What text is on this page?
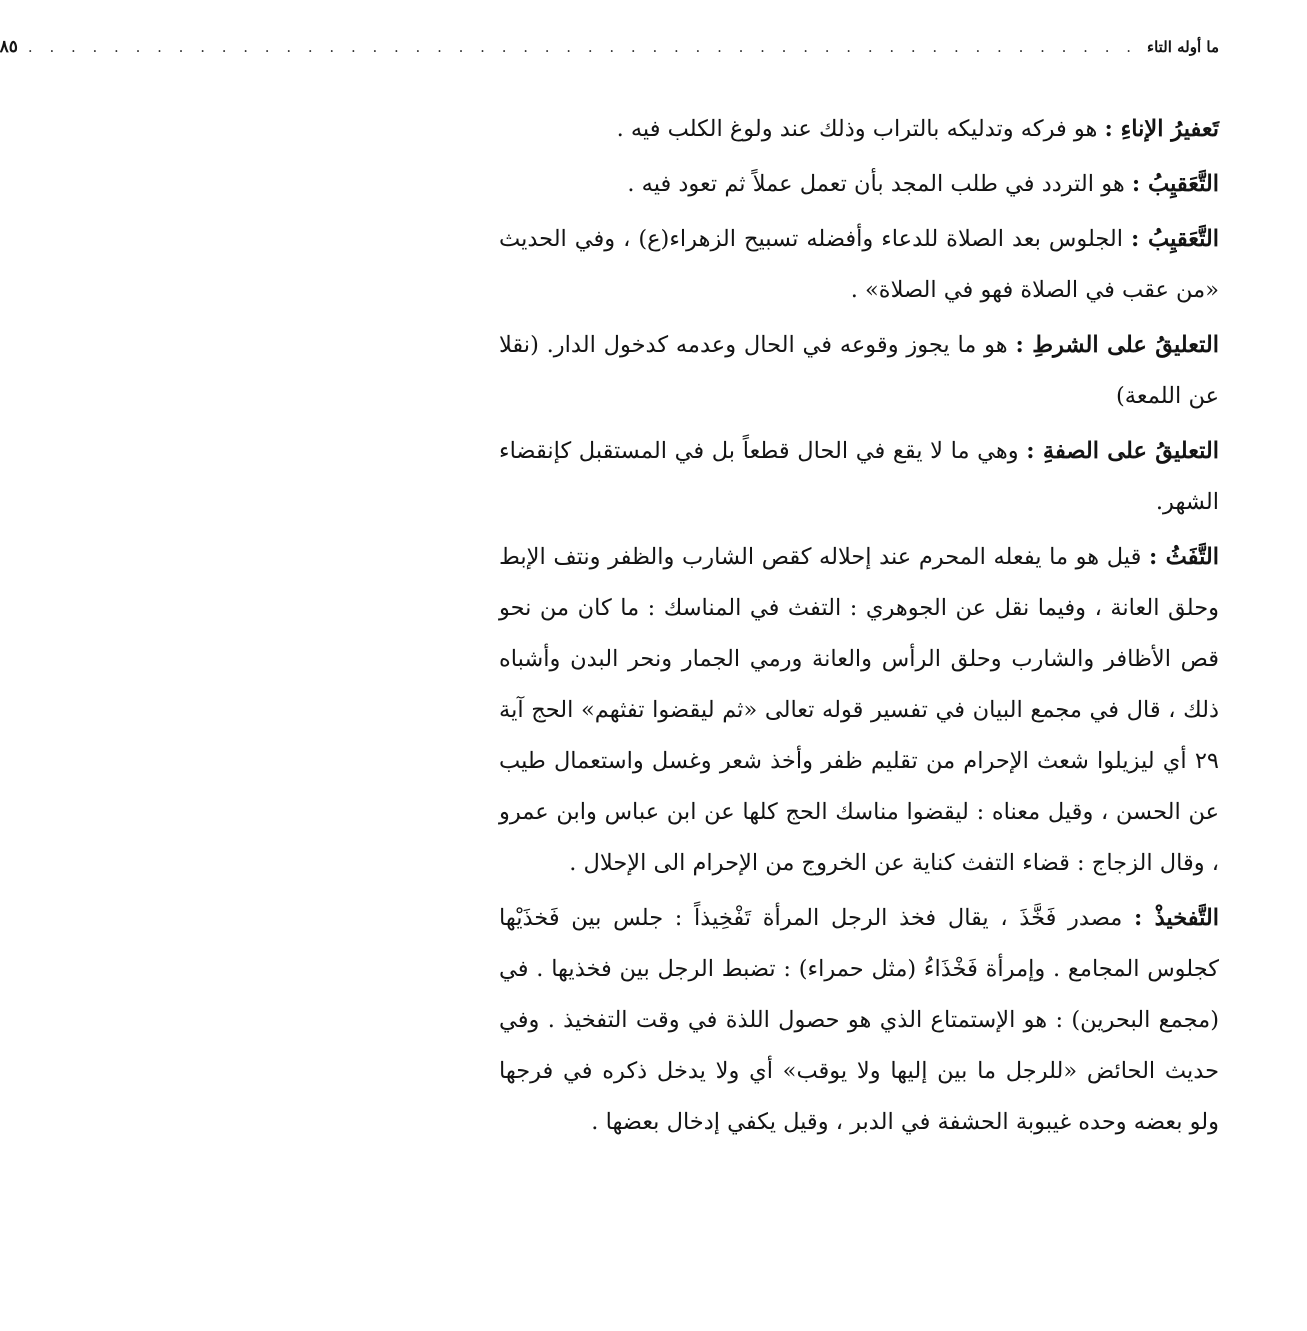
ما أوله التاء
. . . . . . . . . . . . . . . . . . . . . . . . . . . . . . . . . . . . . . . . . . . . . . . . . . . .
٨٥

تَعفيرُ الإناءِ : هو فركه وتدليكه بالتراب وذلك عند ولوغ الكلب فيه .

التَّعَقيِبُ : هو التردد في طلب المجد بأن تعمل عملاً ثم تعود فيه .

التَّعَقيِبُ : الجلوس بعد الصلاة للدعاء وأفضله تسبيح الزهراء(ع) ، وفي الحديث «من عقب في الصلاة فهو في الصلاة» .

التعليقُ على الشرطِ : هو ما يجوز وقوعه في الحال وعدمه كدخول الدار. (نقلا عن اللمعة)

التعليقُ على الصفةِ : وهي ما لا يقع في الحال قطعاً بل في المستقبل كإنقضاء الشهر.

التَّفَثُ : قيل هو ما يفعله المحرم عند إحلاله كقص الشارب والظفر ونتف الإبط وحلق العانة ، وفيما نقل عن الجوهري : التفث في المناسك : ما كان من نحو قص الأظافر والشارب وحلق الرأس والعانة ورمي الجمار ونحر البدن وأشباه ذلك ، قال في مجمع البيان في تفسير قوله تعالى «ثم ليقضوا تفثهم» الحج آية ٢٩ أي ليزيلوا شعث الإحرام من تقليم ظفر وأخذ شعر وغسل واستعمال طيب عن الحسن ، وقيل معناه : ليقضوا مناسك الحج كلها عن ابن عباس وابن عمرو ، وقال الزجاج : قضاء التفث كناية عن الخروج من الإحرام الى الإحلال .

التَّفخيذْ : مصدر فَخَّذَ ، يقال فخذ الرجل المرأة تَفْخِيذاً : جلس بين فَخذَيْها كجلوس المجامع . وإمرأة فَخْذَاءُ (مثل حمراء) : تضبط الرجل بين فخذيها . في (مجمع البحرين) : هو الإستمتاع الذي هو حصول اللذة في وقت التفخيذ . وفي حديث الحائض «للرجل ما بين إليها ولا يوقب» أي ولا يدخل ذكره في فرجها ولو بعضه وحده غيبوبة الحشفة في الدبر ، وقيل يكفي إدخال بعضها .
